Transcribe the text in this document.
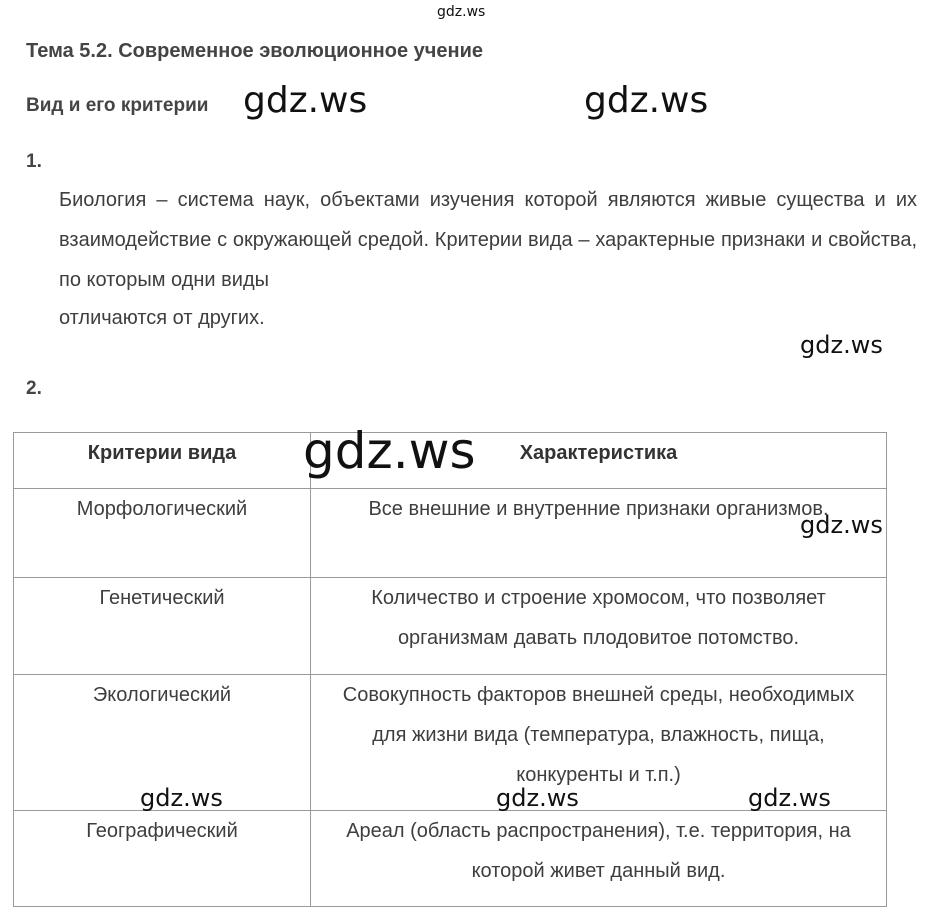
gdz.ws
Тема 5.2. Современное эволюционное учение
Вид и его критерии gdz.ws	gdz.ws
1.
Биология – система наук, объектами изучения которой являются живые существа и их взаимодействие с окружающей средой. Критерии вида – характерные признаки и свойства, по которым одни виды
отличаются от других.
gdz.ws
2.
Критерии вида	Характеристика
Морфологический	Все внешние и внутренние признаки организмов.
Генетический	Количество и строение хромосом, что позволяет организмам давать плодовитое потомство.
Экологический	Совокупность факторов внешней среды, необходимых для жизни вида (температура, влажность, пища, конкуренты и т.п.)
Географический	Ареал (область распространения), т.е. территория, на которой живет данный вид.
gdz.ws
gdz.ws
gdz.ws	gdz.ws	gdz.ws
